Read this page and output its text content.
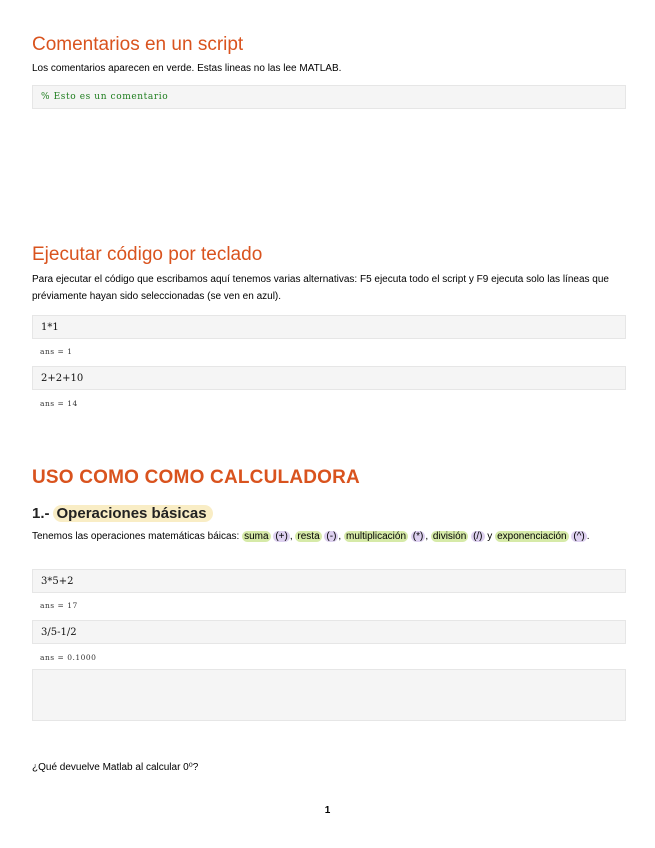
Comentarios en un script

Los comentarios aparecen en verde. Estas lineas no las lee MATLAB.

% Esto es un comentario
Ejecutar código por teclado

Para ejecutar el código que escribamos aquí tenemos varias alternativas: F5 ejecuta todo el script y F9 ejecuta solo las líneas que préviamente hayan sido seleccionadas (se ven en azul).

1*1
ans = 1
2+2+10
ans = 14
USO COMO COMO CALCULADORA
1.- Operaciones básicas

Tenemos las operaciones matemáticas báicas: suma (+) , resta (-) , multiplicación (*) , división (/) y exponenciación (^) .

3*5+2
ans = 17
3/5-1/2
ans = 0.1000

¿Qué devuelve Matlab al calcular 0⁰?

1
